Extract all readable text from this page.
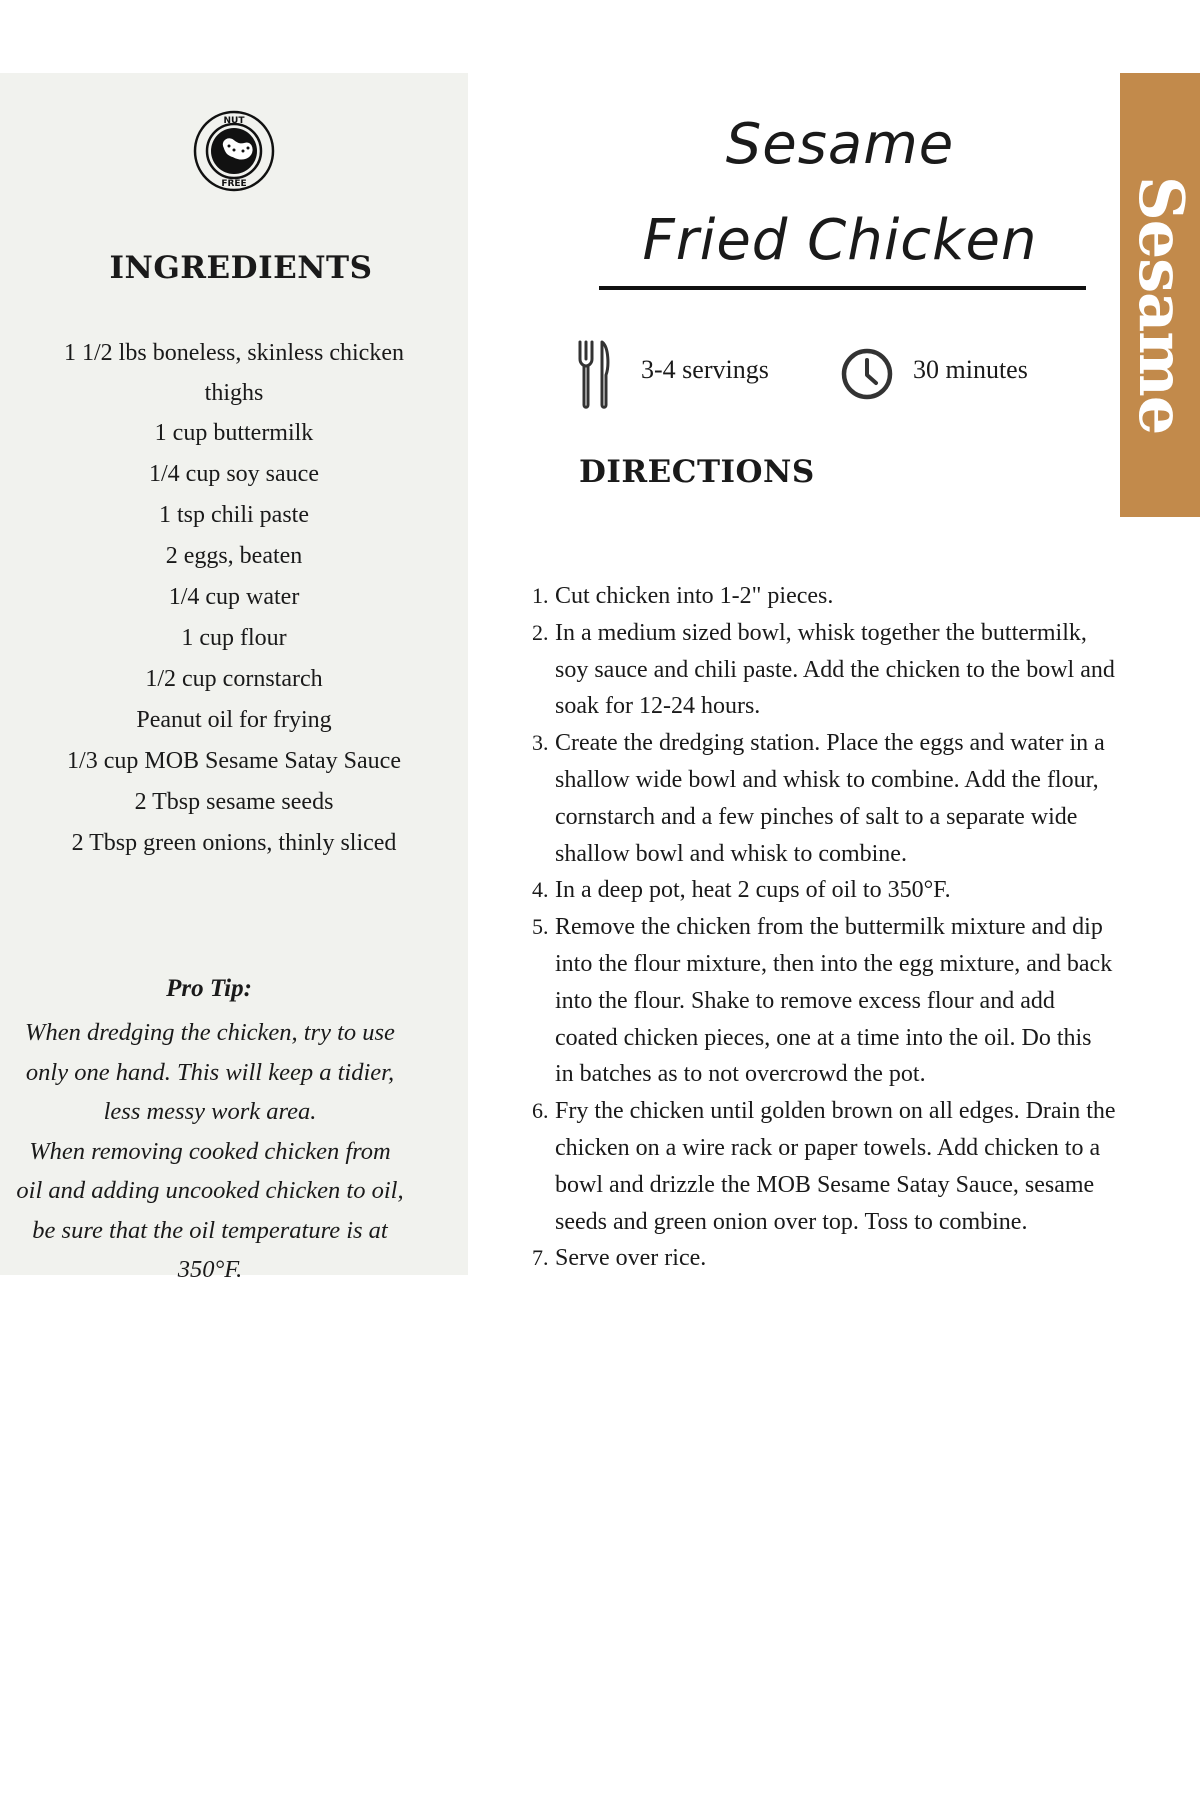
NUT
FREE
INGREDIENTS
1 1/2 lbs boneless, skinless chicken thighs
1 cup buttermilk
1/4 cup soy sauce
1 tsp chili paste
2 eggs, beaten
1/4 cup water
1 cup flour
1/2 cup cornstarch
Peanut oil for frying
1/3 cup MOB Sesame Satay Sauce
2 Tbsp sesame seeds
2 Tbsp green onions, thinly sliced
Pro Tip:

When dredging the chicken, try to use only one hand. This will keep a tidier, less messy work area.

When removing cooked chicken from oil and adding uncooked chicken to oil, be sure that the oil temperature is at 350°F.

Sesame
Fried Chicken
3-4 servings	30 minutes
DIRECTIONS
1. Cut chicken into 1-2" pieces.
2. In a medium sized bowl, whisk together the buttermilk, soy sauce and chili paste. Add the chicken to the bowl and soak for 12-24 hours.
3. Create the dredging station. Place the eggs and water in a shallow wide bowl and whisk to combine. Add the flour, cornstarch and a few pinches of salt to a separate wide shallow bowl and whisk to combine.
4. In a deep pot, heat 2 cups of oil to 350°F.
5. Remove the chicken from the buttermilk mixture and dip into the flour mixture, then into the egg mixture, and back into the flour. Shake to remove excess flour and add coated chicken pieces, one at a time into the oil. Do this in batches as to not overcrowd the pot.
6. Fry the chicken until golden brown on all edges. Drain the chicken on a wire rack or paper towels. Add chicken to a bowl and drizzle the MOB Sesame Satay Sauce, sesame seeds and green onion over top. Toss to combine.
7. Serve over rice.
Sesame
